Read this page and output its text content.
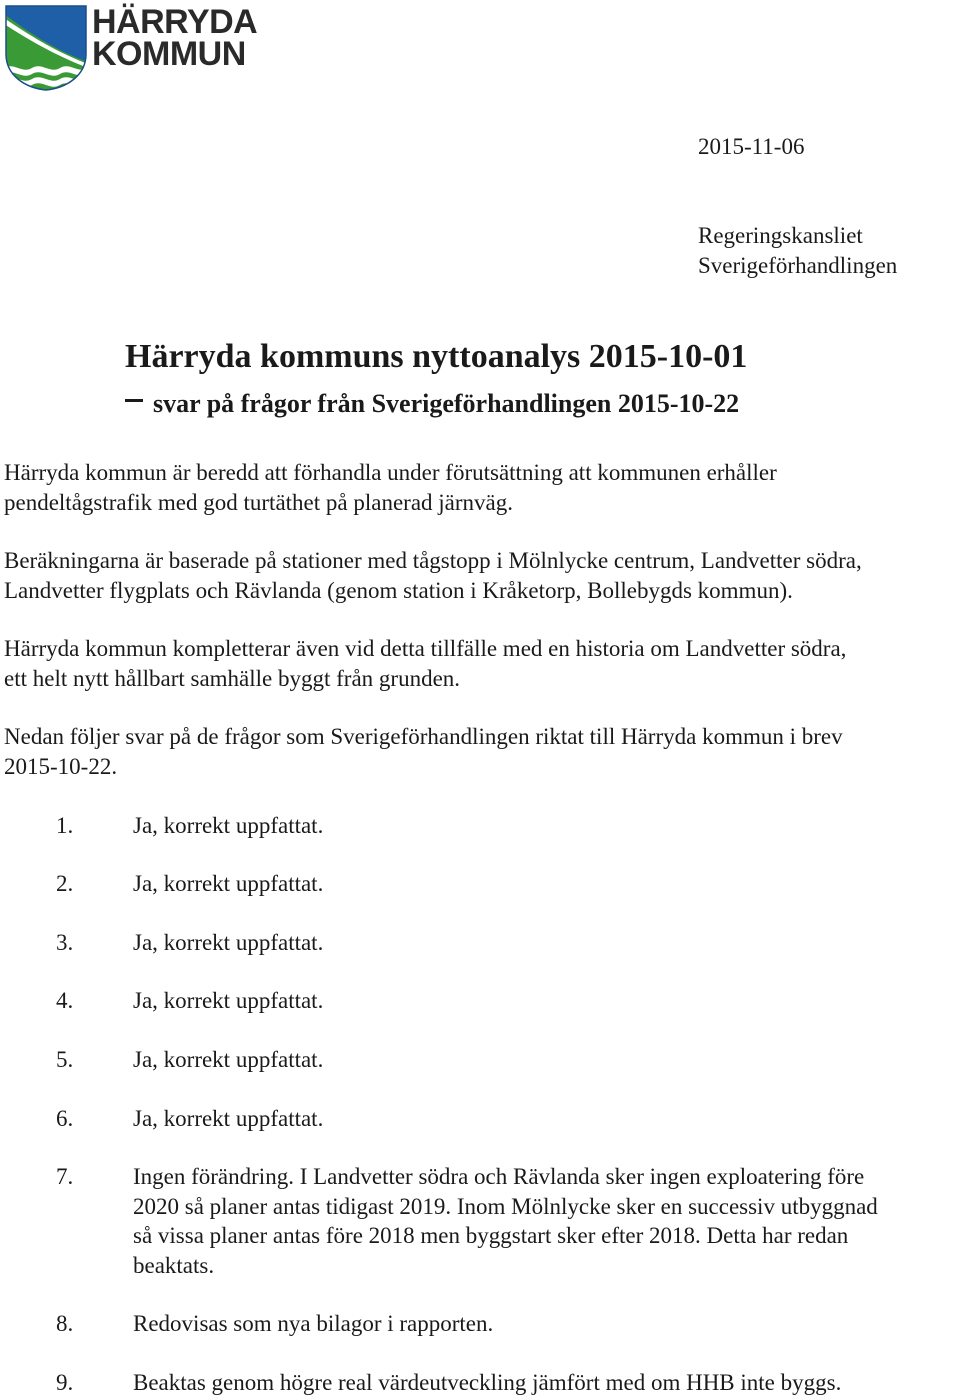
HÄRRYDA
KOMMUN
2015-11-06
Regeringskansliet
Sverigeförhandlingen
Härryda kommuns nyttoanalys 2015-10-01
svar på frågor från Sverigeförhandlingen 2015-10-22
Härryda kommun är beredd att förhandla under förutsättning att kommunen erhåller
pendeltågstrafik med god turtäthet på planerad järnväg.
Beräkningarna är baserade på stationer med tågstopp i Mölnlycke centrum, Landvetter södra,
Landvetter flygplats och Rävlanda (genom station i Kråketorp, Bollebygds kommun).
Härryda kommun kompletterar även vid detta tillfälle med en historia om Landvetter södra,
ett helt nytt hållbart samhälle byggt från grunden.
Nedan följer svar på de frågor som Sverigeförhandlingen riktat till Härryda kommun i brev
2015-10-22.
1.	Ja, korrekt uppfattat.
2.	Ja, korrekt uppfattat.
3.	Ja, korrekt uppfattat.
4.	Ja, korrekt uppfattat.
5.	Ja, korrekt uppfattat.
6.	Ja, korrekt uppfattat.
7.	Ingen förändring. I Landvetter södra och Rävlanda sker ingen exploatering före
2020 så planer antas tidigast 2019. Inom Mölnlycke sker en successiv utbyggnad
så vissa planer antas före 2018 men byggstart sker efter 2018. Detta har redan
beaktats.
8.	Redovisas som nya bilagor i rapporten.
9.	Beaktas genom högre real värdeutveckling jämfört med om HHB inte byggs.
